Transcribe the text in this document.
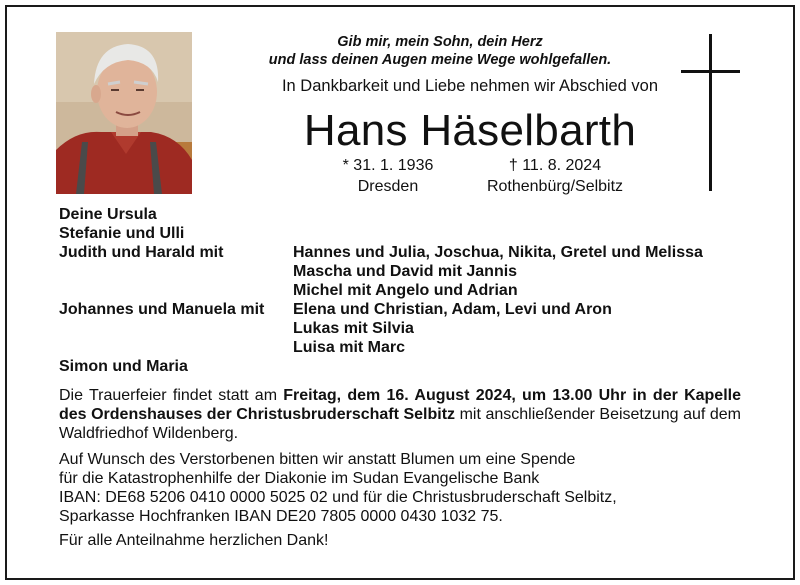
Gib mir, mein Sohn, dein Herz
und lass deinen Augen meine Wege wohlgefallen.
In Dankbarkeit und Liebe nehmen wir Abschied von
Hans Häselbarth
* 31. 1. 1936
Dresden
† 11. 8. 2024
Rothenbürg/Selbitz
Deine Ursula
Stefanie und Ulli
Judith und Harald mit	Hannes und Julia, Joschua, Nikita, Gretel und Melissa
Mascha und David mit Jannis
Michel mit Angelo und Adrian
Johannes und Manuela mit Elena und Christian, Adam, Levi und Aron
Lukas mit Silvia
Luisa mit Marc
Simon und Maria
Die Trauerfeier findet statt am Freitag, dem 16. August 2024, um 13.00 Uhr in der Kapelle des Ordenshauses der Christusbruderschaft Selbitz mit anschließender Beisetzung auf dem Waldfriedhof Wildenberg.
Auf Wunsch des Verstorbenen bitten wir anstatt Blumen um eine Spende
für die Katastrophenhilfe der Diakonie im Sudan Evangelische Bank
IBAN: DE68 5206 0410 0000 5025 02 und für die Christusbruderschaft Selbitz,
Sparkasse Hochfranken IBAN DE20 7805 0000 0430 1032 75.
Für alle Anteilnahme herzlichen Dank!
